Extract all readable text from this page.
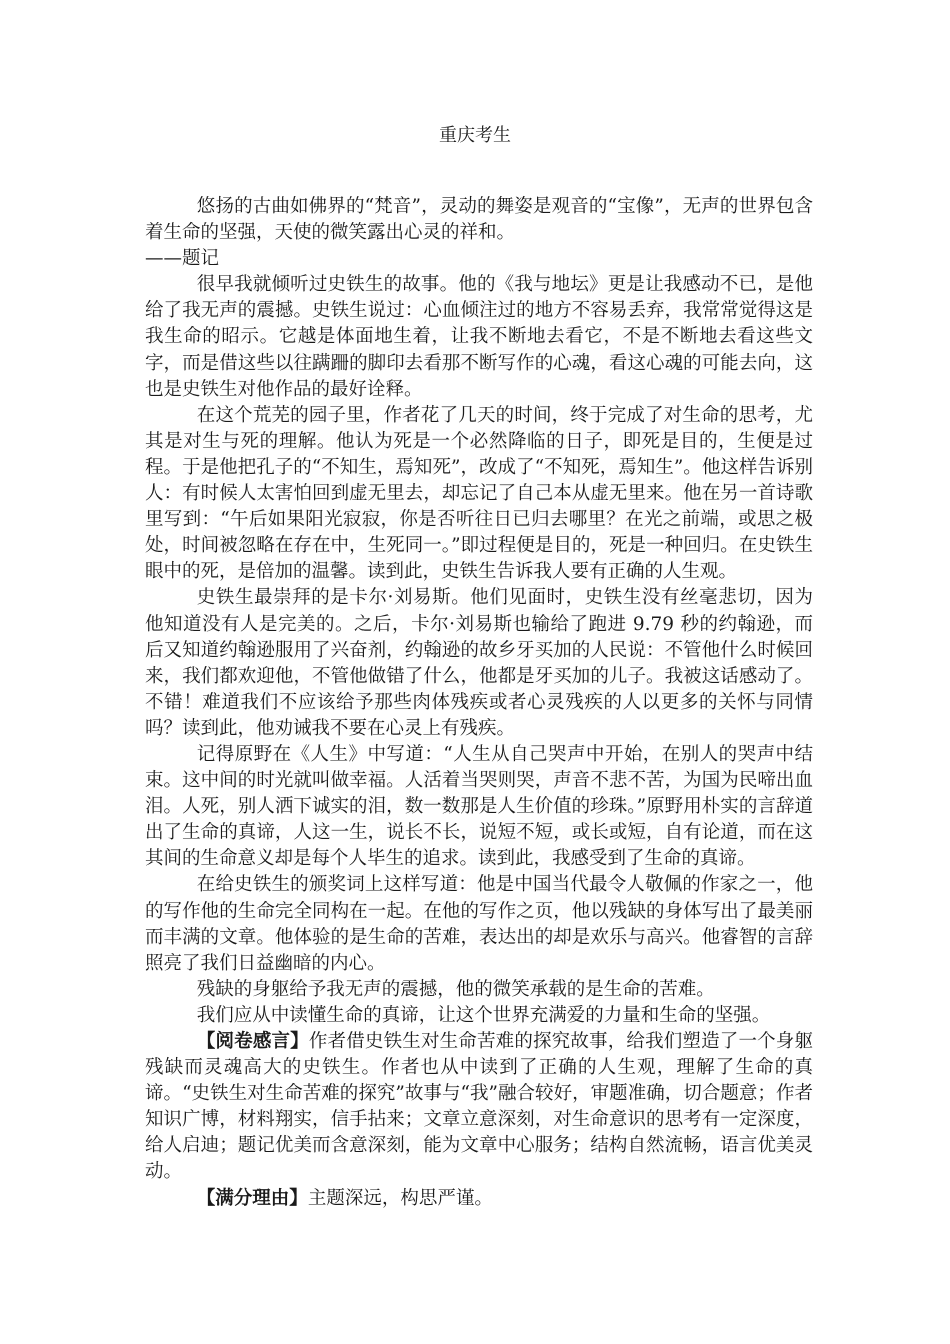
重庆考生

悠扬的古曲如佛界的“梵音”，灵动的舞姿是观音的“宝像”，无声的世界包含着生命的坚强，天使的微笑露出心灵的祥和。

——题记

很早我就倾听过史铁生的故事。他的《我与地坛》更是让我感动不已，是他给了我无声的震撼。史铁生说过：心血倾注过的地方不容易丢弃，我常常觉得这是我生命的昭示。它越是体面地生着，让我不断地去看它，不是不断地去看这些文字，而是借这些以往蹒跚的脚印去看那不断写作的心魂，看这心魂的可能去向，这也是史铁生对他作品的最好诠释。

在这个荒芜的园子里，作者花了几天的时间，终于完成了对生命的思考，尤其是对生与死的理解。他认为死是一个必然降临的日子，即死是目的，生便是过程。于是他把孔子的“不知生，焉知死”，改成了“不知死，焉知生”。他这样告诉别人：有时候人太害怕回到虚无里去，却忘记了自己本从虚无里来。他在另一首诗歌里写到：“午后如果阳光寂寂，你是否听往日已归去哪里？在光之前端，或思之极处，时间被忽略在存在中，生死同一。”即过程便是目的，死是一种回归。在史铁生眼中的死，是倍加的温馨。读到此，史铁生告诉我人要有正确的人生观。

史铁生最崇拜的是卡尔·刘易斯。他们见面时，史铁生没有丝毫悲切，因为他知道没有人是完美的。之后，卡尔·刘易斯也输给了跑进 9.79 秒的约翰逊，而后又知道约翰逊服用了兴奋剂，约翰逊的故乡牙买加的人民说：不管他什么时候回来，我们都欢迎他，不管他做错了什么，他都是牙买加的儿子。我被这话感动了。不错！难道我们不应该给予那些肉体残疾或者心灵残疾的人以更多的关怀与同情吗？读到此，他劝诫我不要在心灵上有残疾。

记得原野在《人生》中写道：“人生从自己哭声中开始，在别人的哭声中结束。这中间的时光就叫做幸福。人活着当哭则哭，声音不悲不苦，为国为民啼出血泪。人死，别人洒下诚实的泪，数一数那是人生价值的珍珠。”原野用朴实的言辞道出了生命的真谛，人这一生，说长不长，说短不短，或长或短，自有论道，而在这其间的生命意义却是每个人毕生的追求。读到此，我感受到了生命的真谛。

在给史铁生的颁奖词上这样写道：他是中国当代最令人敬佩的作家之一，他的写作他的生命完全同构在一起。在他的写作之页，他以残缺的身体写出了最美丽而丰满的文章。他体验的是生命的苦难，表达出的却是欢乐与高兴。他睿智的言辞照亮了我们日益幽暗的内心。

残缺的身躯给予我无声的震撼，他的微笑承载的是生命的苦难。

我们应从中读懂生命的真谛，让这个世界充满爱的力量和生命的坚强。

【阅卷感言】作者借史铁生对生命苦难的探究故事，给我们塑造了一个身躯残缺而灵魂高大的史铁生。作者也从中读到了正确的人生观，理解了生命的真谛。“史铁生对生命苦难的探究”故事与“我”融合较好，审题准确，切合题意；作者知识广博，材料翔实，信手拈来；文章立意深刻，对生命意识的思考有一定深度，给人启迪；题记优美而含意深刻，能为文章中心服务；结构自然流畅，语言优美灵动。

【满分理由】主题深远，构思严谨。
